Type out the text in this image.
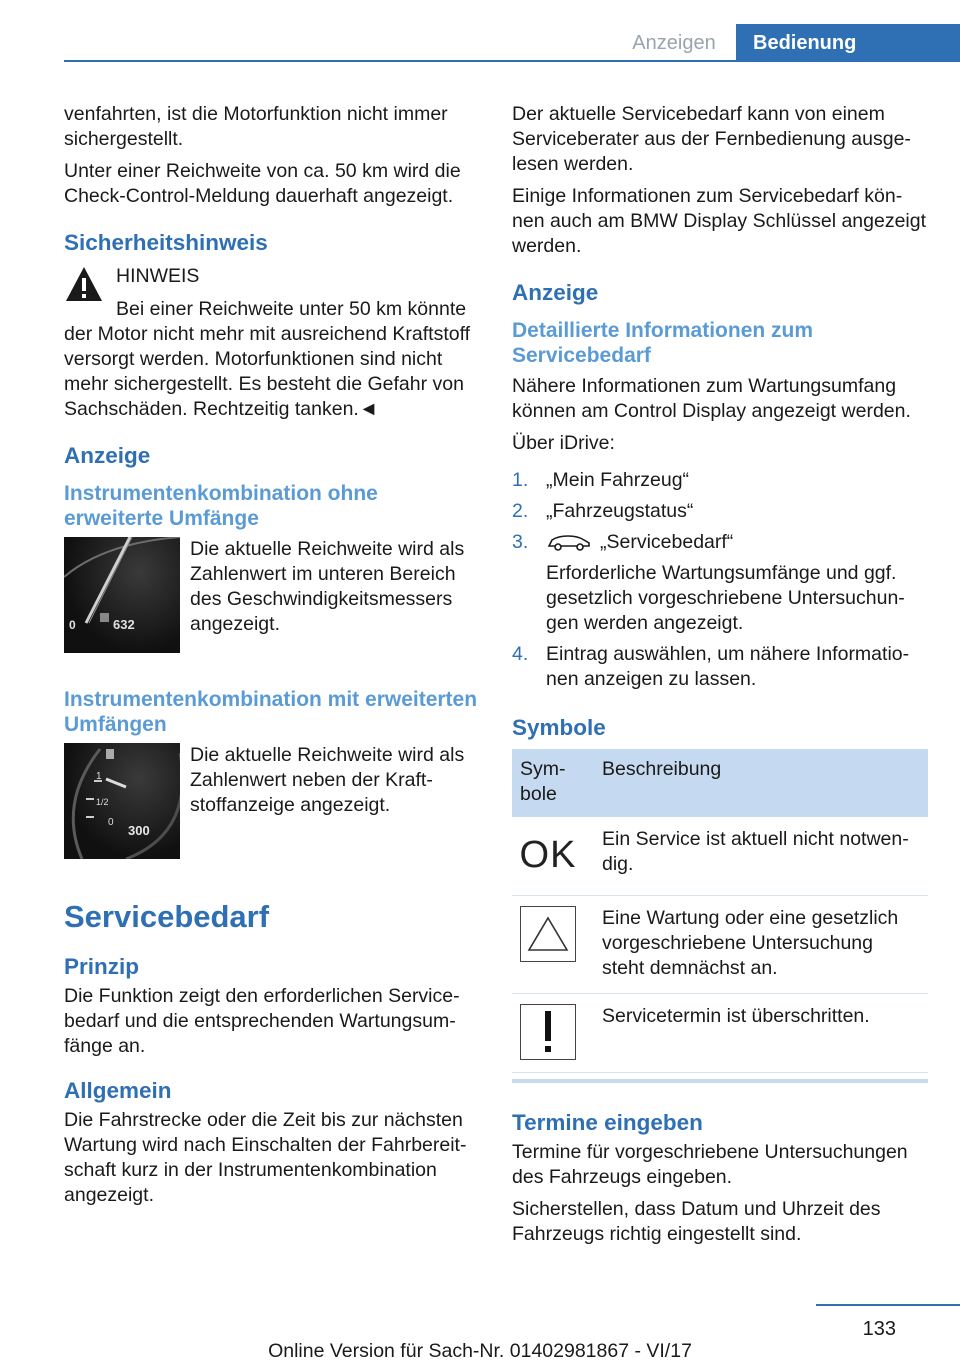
Anzeigen	Bedienung

venfahrten, ist die Motorfunktion nicht immer sichergestellt.

Unter einer Reichweite von ca. 50 km wird die Check-Control-Meldung dauerhaft angezeigt.

Sicherheitshinweis

HINWEIS

Bei einer Reichweite unter 50 km könnte der Motor nicht mehr mit ausreichend Kraftstoff versorgt werden. Motorfunktionen sind nicht mehr sichergestellt. Es besteht die Gefahr von Sachschäden. Rechtzeitig tanken.◄

Anzeige
Instrumentenkombination ohne erweiterte Umfänge
0	632
Die aktuelle Reichweite wird als Zahlenwert im unteren Bereich des Geschwindigkeitsmessers angezeigt.
Instrumentenkombination mit erweiterten Umfängen
1
1/2
0
300
Die aktuelle Reichweite wird als Zahlenwert neben der Kraftstoffanzeige angezeigt.
Servicebedarf
Prinzip

Die Funktion zeigt den erforderlichen Servicebedarf und die entsprechenden Wartungsumfänge an.

Allgemein

Die Fahrstrecke oder die Zeit bis zur nächsten Wartung wird nach Einschalten der Fahrbereitschaft kurz in der Instrumentenkombination angezeigt.

Der aktuelle Servicebedarf kann von einem Serviceberater aus der Fernbedienung ausgelesen werden.

Einige Informationen zum Servicebedarf können auch am BMW Display Schlüssel angezeigt werden.

Anzeige
Detaillierte Informationen zum Servicebedarf

Nähere Informationen zum Wartungsumfang können am Control Display angezeigt werden.

Über iDrive:

1. „Mein Fahrzeug“
2. „Fahrzeugstatus“
3.	„Servicebedarf“
Erforderliche Wartungsumfänge und ggf. gesetzlich vorgeschriebene Untersuchungen werden angezeigt.
4. Eintrag auswählen, um nähere Informationen anzeigen zu lassen.
Symbole
Symbole	Beschreibung

OK	Ein Service ist aktuell nicht notwendig.

	Eine Wartung oder eine gesetzlich vorgeschriebene Untersuchung steht demnächst an.

	Servicetermin ist überschritten.
Termine eingeben

Termine für vorgeschriebene Untersuchungen des Fahrzeugs eingeben.

Sicherstellen, dass Datum und Uhrzeit des Fahrzeugs richtig eingestellt sind.

133
Online Version für Sach-Nr. 01402981867 - VI/17
